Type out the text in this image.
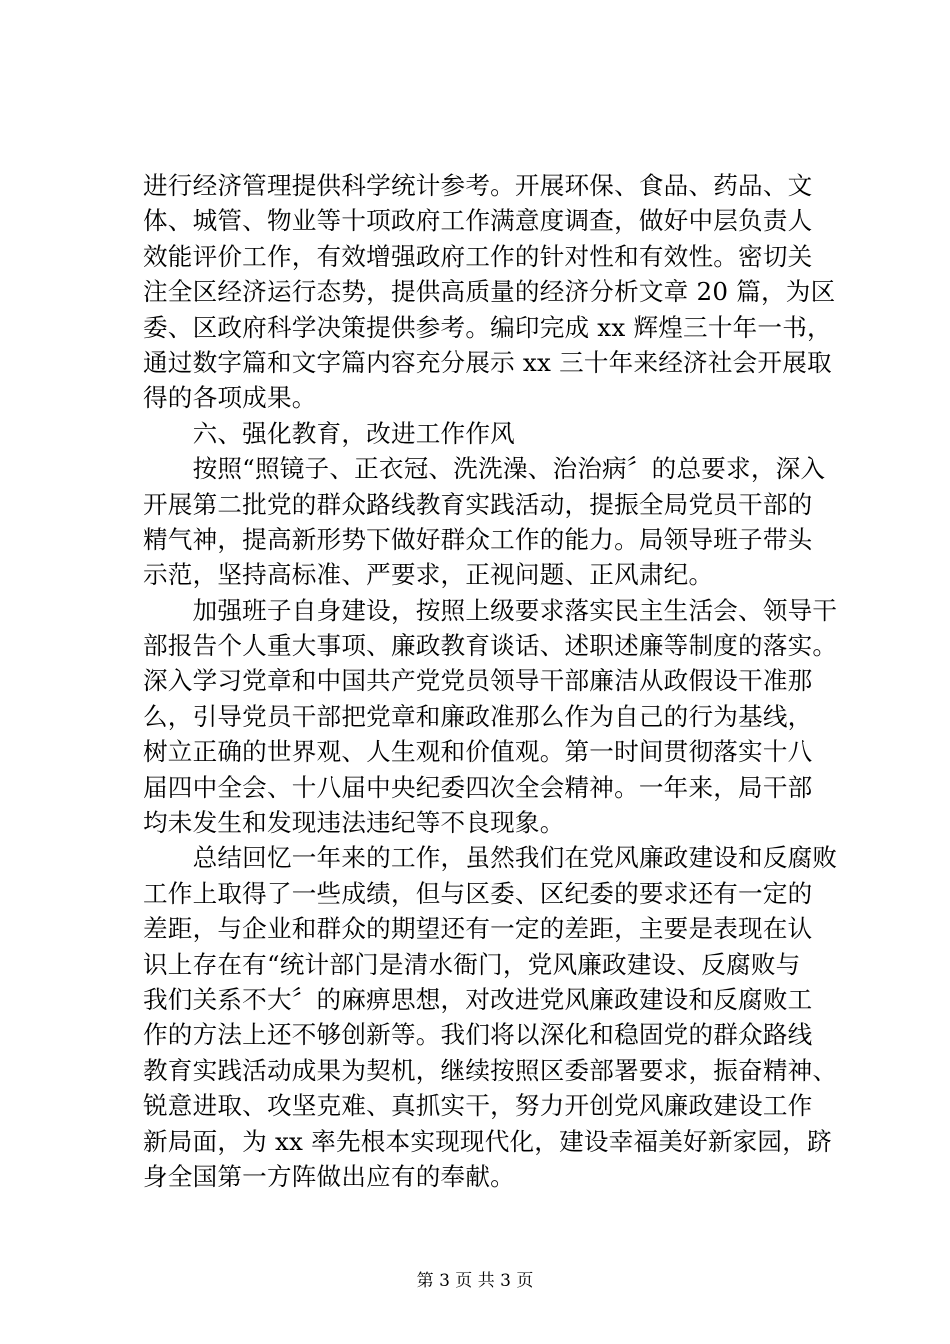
进行经济管理提供科学统计参考。开展环保、食品、药品、文
体、城管、物业等十项政府工作满意度调查，做好中层负责人
效能评价工作，有效增强政府工作的针对性和有效性。密切关
注全区经济运行态势，提供高质量的经济分析文章 20 篇，为区
委、区政府科学决策提供参考。编印完成 xx 辉煌三十年一书，
通过数字篇和文字篇内容充分展示 xx 三十年来经济社会开展取
得的各项成果。
　　六、强化教育，改进工作作风
　　按照“照镜子、正衣冠、洗洗澡、治治病〞的总要求，深入
开展第二批党的群众路线教育实践活动，提振全局党员干部的
精气神，提高新形势下做好群众工作的能力。局领导班子带头
示范，坚持高标准、严要求，正视问题、正风肃纪。
　　加强班子自身建设，按照上级要求落实民主生活会、领导干
部报告个人重大事项、廉政教育谈话、述职述廉等制度的落实。
深入学习党章和中国共产党党员领导干部廉洁从政假设干准那
么，引导党员干部把党章和廉政准那么作为自己的行为基线，
树立正确的世界观、人生观和价值观。第一时间贯彻落实十八
届四中全会、十八届中央纪委四次全会精神。一年来，局干部
均未发生和发现违法违纪等不良现象。
　　总结回忆一年来的工作，虽然我们在党风廉政建设和反腐败
工作上取得了一些成绩，但与区委、区纪委的要求还有一定的
差距，与企业和群众的期望还有一定的差距，主要是表现在认
识上存在有“统计部门是清水衙门，党风廉政建设、反腐败与
我们关系不大〞的麻痹思想，对改进党风廉政建设和反腐败工
作的方法上还不够创新等。我们将以深化和稳固党的群众路线
教育实践活动成果为契机，继续按照区委部署要求，振奋精神、
锐意进取、攻坚克难、真抓实干，努力开创党风廉政建设工作
新局面，为 xx 率先根本实现现代化，建设幸福美好新家园，跻
身全国第一方阵做出应有的奉献。
第 3 页 共 3 页
